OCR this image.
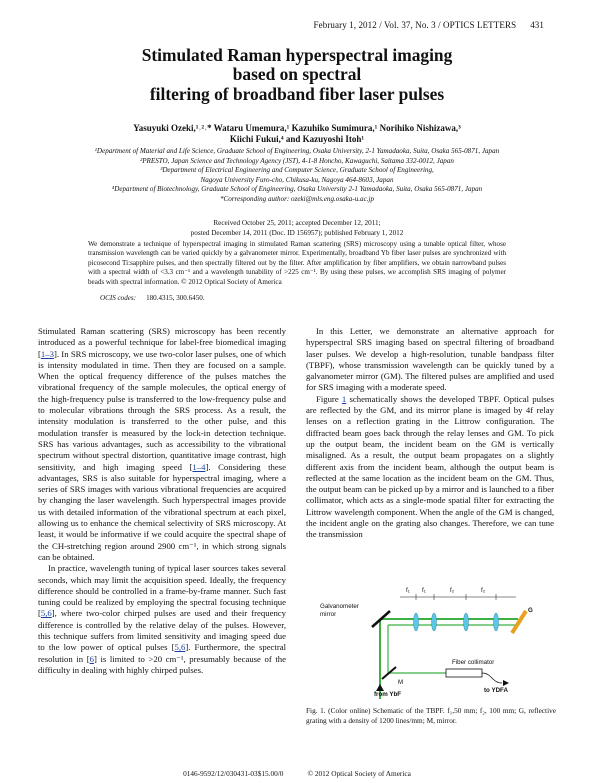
February 1, 2012 / Vol. 37, No. 3 / OPTICS LETTERS 431
Stimulated Raman hyperspectral imaging
based on spectral
filtering of broadband fiber laser pulses
Yasuyuki Ozeki,¹˒²˒* Wataru Umemura,¹ Kazuhiko Sumimura,¹ Norihiko Nishizawa,³
Kiichi Fukui,⁴ and Kazuyoshi Itoh¹
¹Department of Material and Life Science, Graduate School of Engineering, Osaka University, 2-1 Yamadaoka, Suita, Osaka 565-0871, Japan
²PRESTO, Japan Science and Technology Agency (JST), 4-1-8 Honcho, Kawaguchi, Saitama 332-0012, Japan
³Department of Electrical Engineering and Computer Science, Graduate School of Engineering,
Nagoya University Furo-cho, Chikusa-ku, Nagoya 464-8603, Japan
⁴Department of Biotechnology, Graduate School of Engineering, Osaka University 2-1 Yamadaoka, Suita, Osaka 565-0871, Japan
*Corresponding author: ozeki@mls.eng.osaka-u.ac.jp
Received October 25, 2011; accepted December 12, 2011;
posted December 14, 2011 (Doc. ID 156957); published February 1, 2012
We demonstrate a technique of hyperspectral imaging in stimulated Raman scattering (SRS) microscopy using a tunable optical filter, whose transmission wavelength can be varied quickly by a galvanometer mirror. Experimentally, broadband Yb fiber laser pulses are synchronized with picosecond Ti:sapphire pulses, and then spectrally filtered out by the filter. After amplification by fiber amplifiers, we obtain narrowband pulses with a spectral width of <3.3 cm⁻¹ and a wavelength tunability of >225 cm⁻¹. By using these pulses, we accomplish SRS imaging of polymer beads with spectral information. © 2012 Optical Society of America
OCIS codes: 180.4315, 300.6450.

Stimulated Raman scattering (SRS) microscopy has been recently introduced as a powerful technique for label-free biomedical imaging [1–3]. In SRS microscopy, we use two-color laser pulses, one of which is intensity modulated in time. Then they are focused on a sample. When the optical frequency difference of the pulses matches the vibrational frequency of the sample molecules, the optical energy of the high-frequency pulse is transferred to the low-frequency pulse and to molecular vibrations through the SRS process. As a result, the intensity modulation is transferred to the other pulse, and this modulation transfer is measured by the lock-in detection technique. SRS has various advantages, such as accessibility to the vibrational spectrum without spectral distortion, quantitative image contrast, high sensitivity, and high imaging speed [1–4]. Considering these advantages, SRS is also suitable for hyperspectral imaging, where a series of SRS images with various vibrational frequencies are acquired by changing the laser wavelength. Such hyperspectral images provide us with detailed information of the vibrational spectrum at each pixel, allowing us to enhance the chemical selectivity of SRS microscopy. At least, it would be informative if we could acquire the spectral shape of the CH-stretching region around 2900 cm⁻¹, in which strong signals can be obtained.

In practice, wavelength tuning of typical laser sources takes several seconds, which may limit the acquisition speed. Ideally, the frequency difference should be controlled in a frame-by-frame manner. Such fast tuning could be realized by employing the spectral focusing technique [5,6], where two-color chirped pulses are used and their frequency difference is controlled by the relative delay of the pulses. However, this technique suffers from limited sensitivity and imaging speed due to the low power of optical pulses [5,6]. Furthermore, the spectral resolution in [6] is limited to >20 cm⁻¹, presumably because of the difficulty in dealing with highly chirped pulses.

In this Letter, we demonstrate an alternative approach for hyperspectral SRS imaging based on spectral filtering of broadband laser pulses. We develop a high-resolution, tunable bandpass filter (TBPF), whose transmission wavelength can be quickly tuned by a galvanometer mirror (GM). The filtered pulses are amplified and used for SRS imaging with a moderate speed.

Figure 1 schematically shows the developed TBPF. Optical pulses are reflected by the GM, and its mirror plane is imaged by 4f relay lenses on a reflection grating in the Littrow configuration. The diffracted beam goes back through the relay lenses and GM. To pick up the output beam, the incident beam on the GM is vertically misaligned. As a result, the output beam propagates on a slightly different axis from the incident beam, although the output beam is reflected at the same location as the incident beam on the GM. Thus, the output beam can be picked up by a mirror and is launched to a fiber collimator, which acts as a single-mode spatial filter for extracting the Littrow wavelength component. When the angle of the GM is changed, the incident angle on the grating also changes. Therefore, we can tune the transmission

Galvanometer
mirror
f₁ f₁	f₂	f₂
G
Fiber collimator
M
to YDFA
from YbF
Fig. 1. (Color online) Schematic of the TBPF. f₁,50 mm; f₂, 100 mm; G, reflective grating with a density of 1200 lines/mm; M, mirror.
0146-9592/12/030431-03$15.00/0	© 2012 Optical Society of America
